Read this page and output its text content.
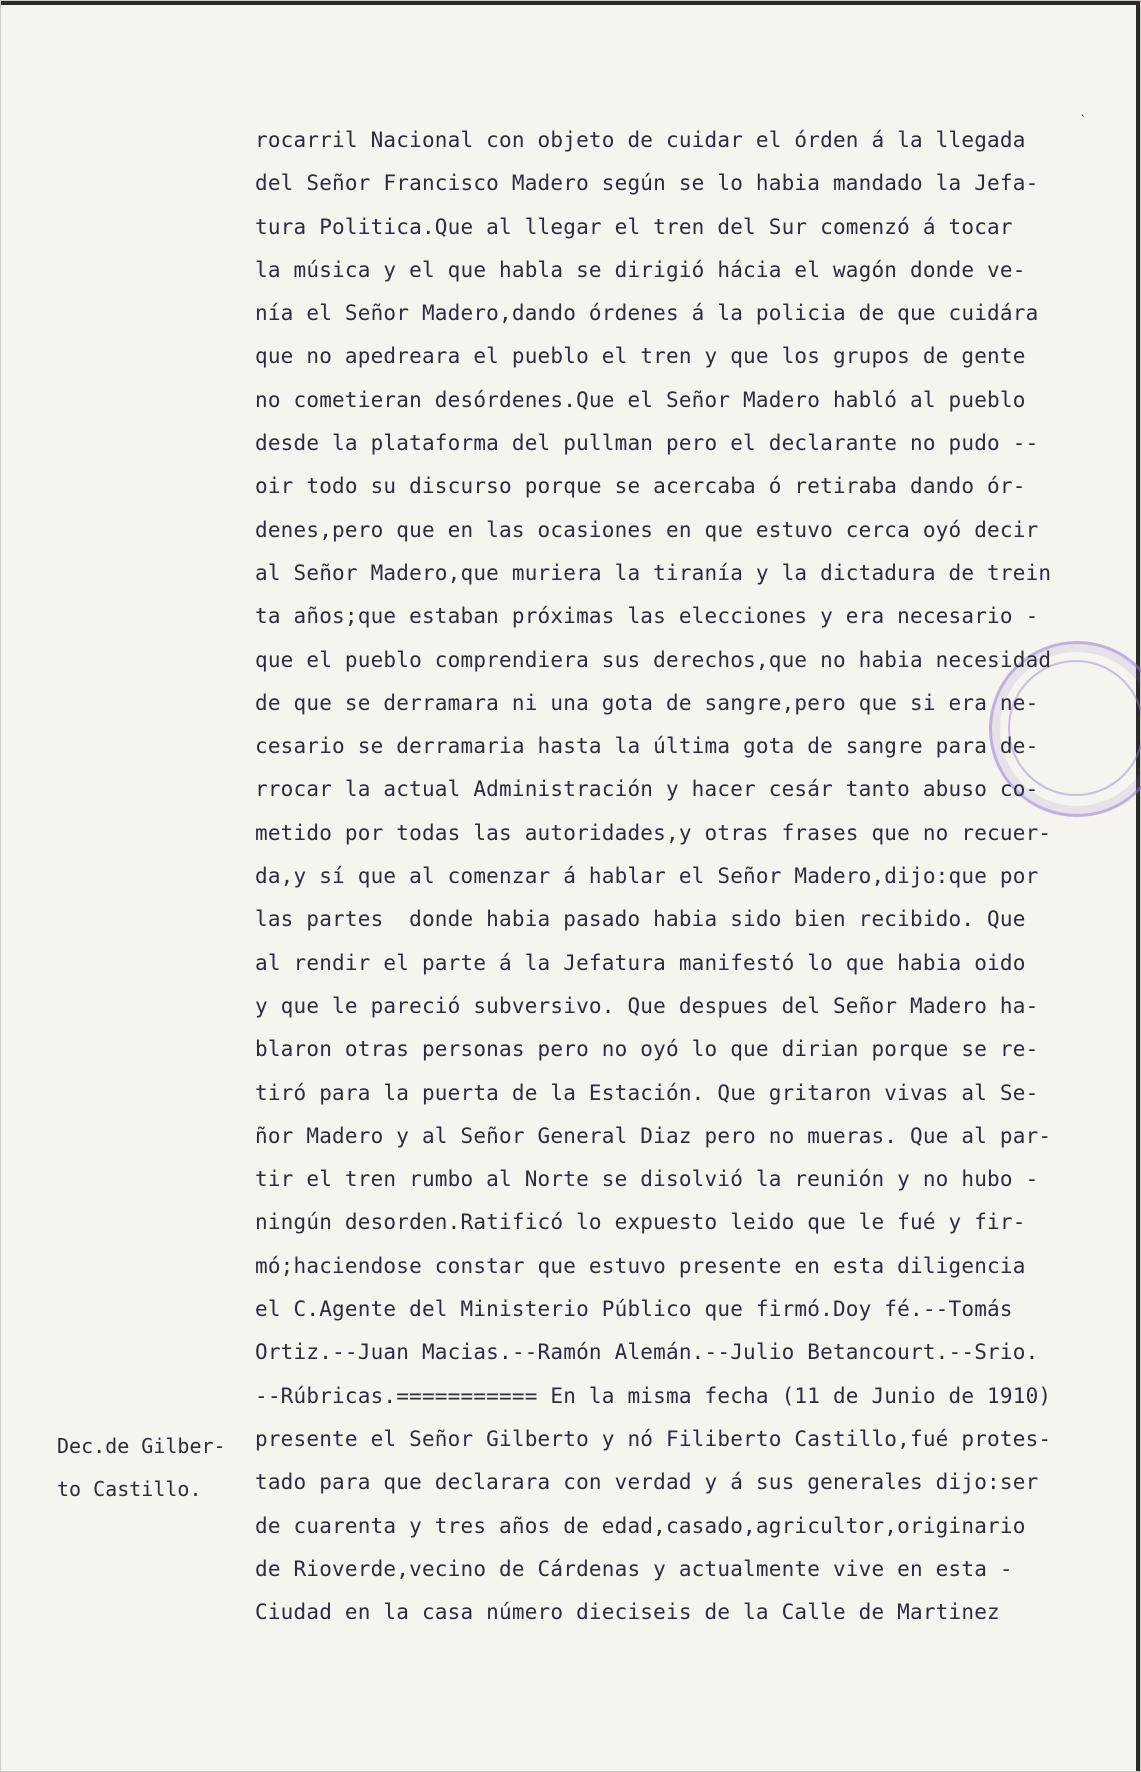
‵
rocarril Nacional con objeto de cuidar el órden á la llegada
del Señor Francisco Madero según se lo habia mandado la Jefa-
tura Politica.Que al llegar el tren del Sur comenzó á tocar
la música y el que habla se dirigió hácia el wagón donde ve-
nía el Señor Madero,dando órdenes á la policia de que cuidára
que no apedreara el pueblo el tren y que los grupos de gente
no cometieran desórdenes.Que el Señor Madero habló al pueblo
desde la plataforma del pullman pero el declarante no pudo --
oir todo su discurso porque se acercaba ó retiraba dando ór-
denes,pero que en las ocasiones en que estuvo cerca oyó decir
al Señor Madero,que muriera la tiranía y la dictadura de trein
ta años;que estaban próximas las elecciones y era necesario -
que el pueblo comprendiera sus derechos,que no habia necesidad
de que se derramara ni una gota de sangre,pero que si era ne-
cesario se derramaria hasta la última gota de sangre para de-
rrocar la actual Administración y hacer cesár tanto abuso co-
metido por todas las autoridades,y otras frases que no recuer-
da,y sí que al comenzar á hablar el Señor Madero,dijo:que por
las partes  donde habia pasado habia sido bien recibido. Que
al rendir el parte á la Jefatura manifestó lo que habia oido
y que le pareció subversivo. Que despues del Señor Madero ha-
blaron otras personas pero no oyó lo que dirian porque se re-
tiró para la puerta de la Estación. Que gritaron vivas al Se-
ñor Madero y al Señor General Diaz pero no mueras. Que al par-
tir el tren rumbo al Norte se disolvió la reunión y no hubo -
ningún desorden.Ratificó lo expuesto leido que le fué y fir-
mó;haciendose constar que estuvo presente en esta diligencia
el C.Agente del Ministerio Público que firmó.Doy fé.--Tomás
Ortiz.--Juan Macias.--Ramón Alemán.--Julio Betancourt.--Srio.
--Rúbricas.=========== En la misma fecha (11 de Junio de 1910)
presente el Señor Gilberto y nó Filiberto Castillo,fué protes-
tado para que declarara con verdad y á sus generales dijo:ser
de cuarenta y tres años de edad,casado,agricultor,originario
de Rioverde,vecino de Cárdenas y actualmente vive en esta -
Ciudad en la casa número dieciseis de la Calle de Martinez
Dec.de Gilber-
to Castillo.
